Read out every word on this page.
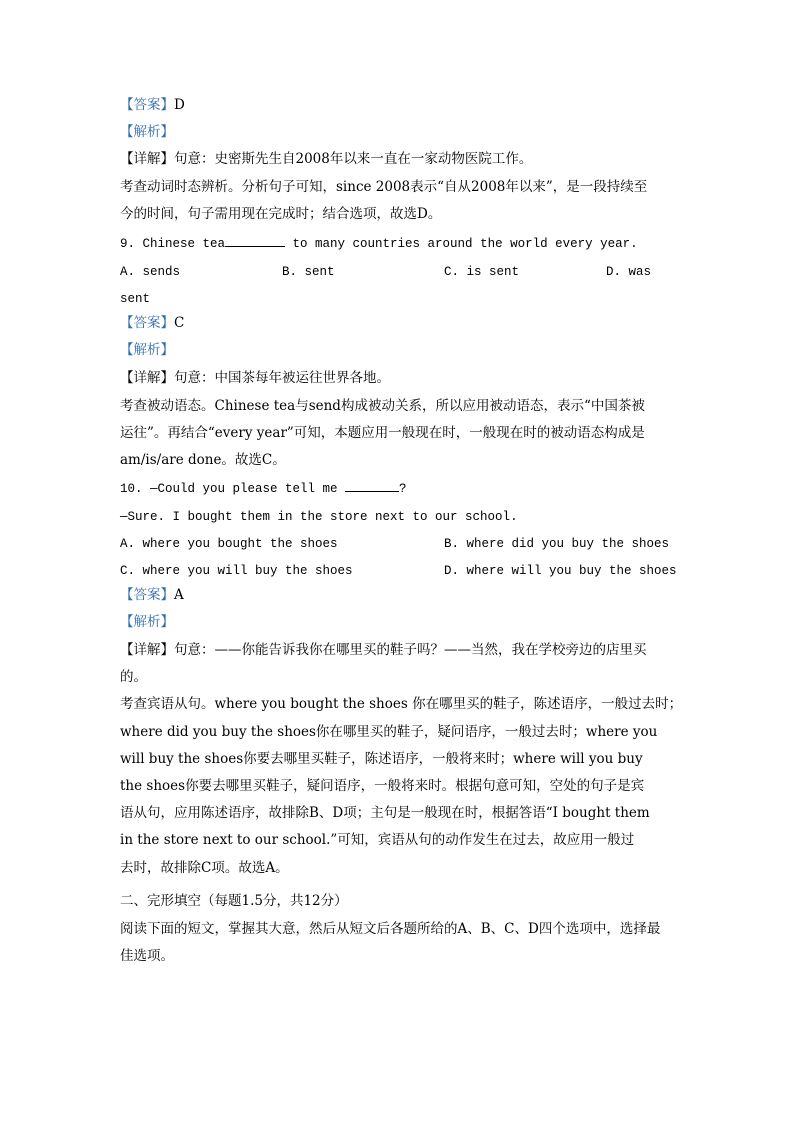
【答案】D
【解析】
【详解】句意：史密斯先生自2008年以来一直在一家动物医院工作。
考查动词时态辨析。分析句子可知，since 2008表示“自从2008年以来”，是一段持续至
今的时间，句子需用现在完成时；结合选项，故选D。
9. Chinese tea	to many countries around the world every year.
A. sends	B. sent	C. is sent	D. was
sent
【答案】C
【解析】
【详解】句意：中国茶每年被运往世界各地。
考查被动语态。Chinese tea与send构成被动关系，所以应用被动语态，表示“中国茶被
运往”。再结合“every year”可知，本题应用一般现在时，一般现在时的被动语态构成是
am/is/are done。故选C。
10. —Could you please tell me	?
—Sure. I bought them in the store next to our school.
A. where you bought the shoes	B. where did you buy the shoes
C. where you will buy the shoes	D. where will you buy the shoes
【答案】A
【解析】
【详解】句意：——你能告诉我你在哪里买的鞋子吗？——当然，我在学校旁边的店里买
的。
考查宾语从句。where you bought the shoes 你在哪里买的鞋子，陈述语序，一般过去时；
where did you buy the shoes你在哪里买的鞋子，疑问语序，一般过去时；where you
will buy the shoes你要去哪里买鞋子，陈述语序，一般将来时；where will you buy
the shoes你要去哪里买鞋子，疑问语序，一般将来时。根据句意可知，空处的句子是宾
语从句，应用陈述语序，故排除B、D项；主句是一般现在时，根据答语“I bought them
in the store next to our school.”可知，宾语从句的动作发生在过去，故应用一般过
去时，故排除C项。故选A。
二、完形填空（每题1.5分，共12分）
阅读下面的短文，掌握其大意，然后从短文后各题所给的A、B、C、D四个选项中，选择最
佳选项。
